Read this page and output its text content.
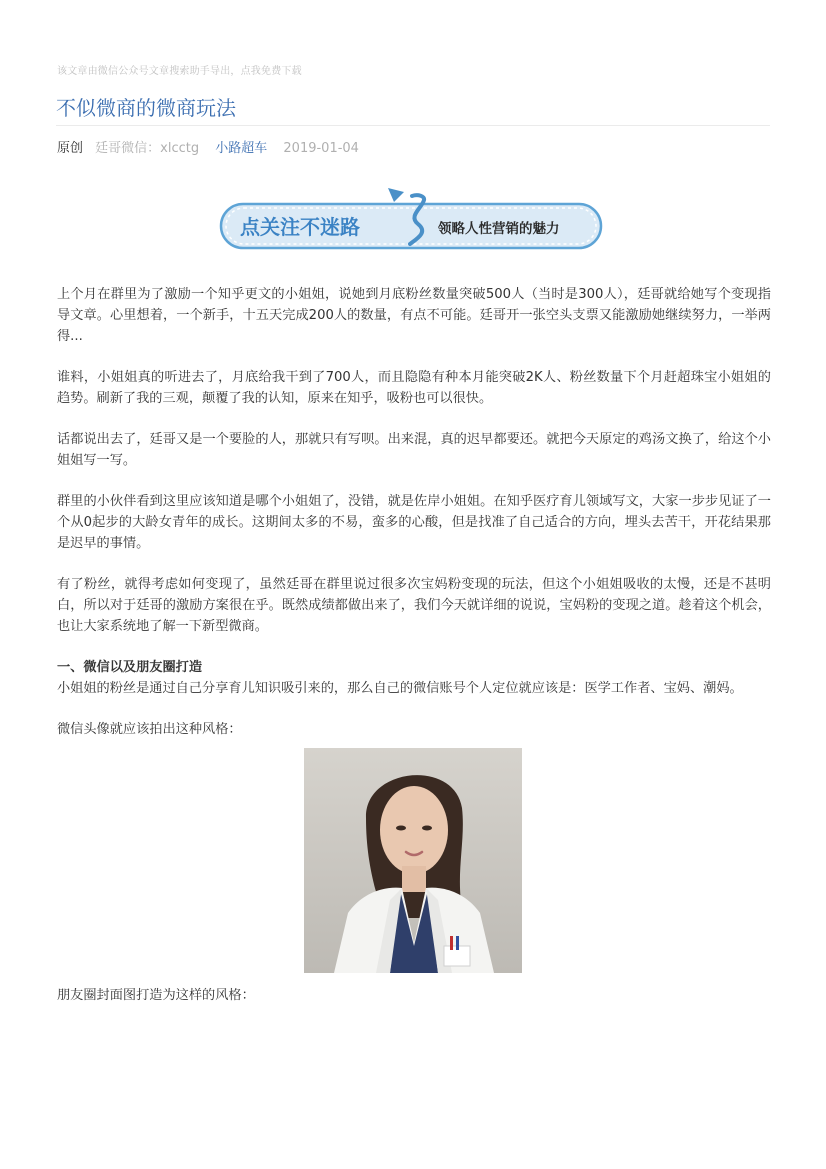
该文章由微信公众号文章搜索助手导出，点我免费下载
不似微商的微商玩法
原创 廷哥微信：xlcctg 小路超车 2019-01-04
点关注不迷路	领略人性营销的魅力

上个月在群里为了激励一个知乎更文的小姐姐，说她到月底粉丝数量突破500人（当时是300人），廷哥就给她写个变现指导文章。心里想着，一个新手，十五天完成200人的数量，有点不可能。廷哥开一张空头支票又能激励她继续努力，一举两得...

谁料，小姐姐真的听进去了，月底给我干到了700人，而且隐隐有种本月能突破2K人、粉丝数量下个月赶超珠宝小姐姐的趋势。刷新了我的三观，颠覆了我的认知，原来在知乎，吸粉也可以很快。

话都说出去了，廷哥又是一个要脸的人，那就只有写呗。出来混，真的迟早都要还。就把今天原定的鸡汤文换了，给这个小姐姐写一写。

群里的小伙伴看到这里应该知道是哪个小姐姐了，没错，就是佐岸小姐姐。在知乎医疗育儿领域写文，大家一步步见证了一个从0起步的大龄女青年的成长。这期间太多的不易，蛮多的心酸，但是找准了自己适合的方向，埋头去苦干，开花结果那是迟早的事情。

有了粉丝，就得考虑如何变现了，虽然廷哥在群里说过很多次宝妈粉变现的玩法，但这个小姐姐吸收的太慢，还是不甚明白，所以对于廷哥的激励方案很在乎。既然成绩都做出来了，我们今天就详细的说说，宝妈粉的变现之道。趁着这个机会，也让大家系统地了解一下新型微商。

一、微信以及朋友圈打造

小姐姐的粉丝是通过自己分享育儿知识吸引来的，那么自己的微信账号个人定位就应该是：医学工作者、宝妈、潮妈。

微信头像就应该拍出这种风格：

朋友圈封面图打造为这样的风格：
